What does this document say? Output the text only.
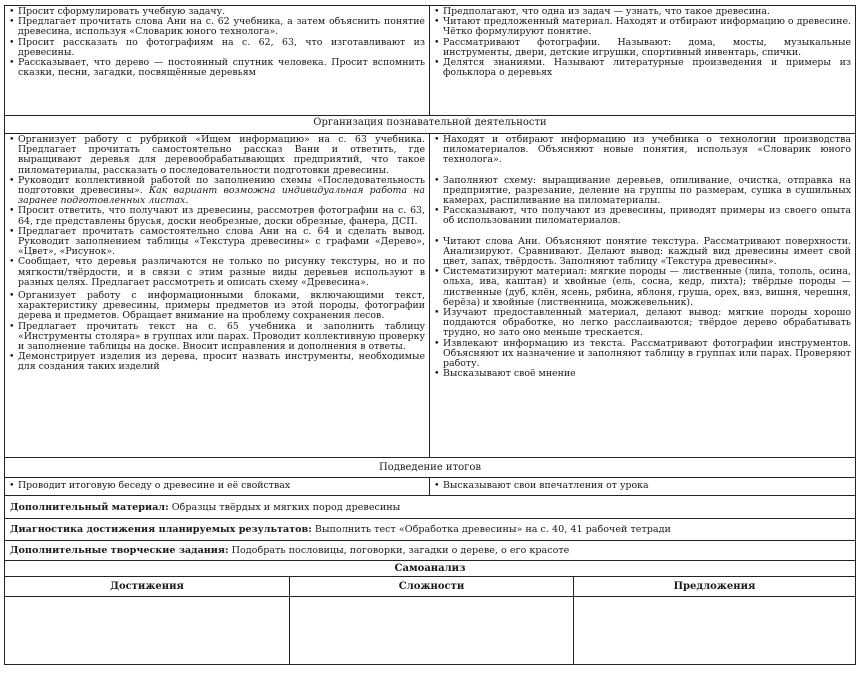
• Просит сформулировать учебную задачу.

• Предлагает прочитать слова Ани на с. 62 учебника, а затем объяснить понятие древесина, используя «Словарик юного технолога».

• Просит рассказать по фотографиям на с. 62, 63, что изготавливают из древесины.

• Рассказывает, что дерево — постоянный спутник человека. Просит вспомнить сказки, песни, загадки, посвящённые деревьям

• Предполагают, что одна из задач — узнать, что такое древесина.

• Читают предложенный материал. Находят и отбирают информацию о древесине. Чётко формулируют понятие.

• Рассматривают фотографии. Называют: дома, мосты, музыкальные инструменты, двери, детские игрушки, спортивный инвентарь, спички.

• Делятся знаниями. Называют литературные произведения и примеры из фольклора о деревьях

Организация познавательной деятельности

• Организует работу с рубрикой «Ищем информацию» на с. 63 учебника. Предлагает прочитать самостоятельно рассказ Вани и ответить, где выращивают деревья для деревообрабатывающих предприятий, что такое пиломатериалы, рассказать о последовательности подготовки древесины.

• Руководит коллективной работой по заполнению схемы «Последовательность подготовки древесины». Как вариант возможна индивидуальная работа на заранее подготовленных листах.

• Просит ответить, что получают из древесины, рассмотрев фотографии на с. 63, 64, где представлены брусья, доски необрезные, доски обрезные, фанера, ДСП.

• Предлагает прочитать самостоятельно слова Ани на с. 64 и сделать вывод. Руководит заполнением таблицы «Текстура древесины» с графами «Дерево», «Цвет», «Рисунок».

• Сообщает, что деревья различаются не только по рисунку текстуры, но и по мягкости/твёрдости, и в связи с этим разные виды деревьев используют в разных целях. Предлагает рассмотреть и описать схему «Древесина».

• Организует работу с информационными блоками, включающими текст, характеристику древесины, примеры предметов из этой породы, фотографии дерева и предметов. Обращает внимание на проблему сохранения лесов.

• Предлагает прочитать текст на с. 65 учебника и заполнить таблицу «Инструменты столяра» в группах или парах. Проводит коллективную проверку и заполнение таблицы на доске. Вносит исправления и дополнения в ответы.

• Демонстрирует изделия из дерева, просит назвать инструменты, необходимые для создания таких изделий

• Находят и отбирают информацию из учебника о технологии производства пиломатериалов. Объясняют новые понятия, используя «Словарик юного технолога».

• Заполняют схему: выращивание деревьев, опиливание, очистка, отправка на предприятие, разрезание, деление на группы по размерам, сушка в сушильных камерах, распиливание на пиломатериалы.

• Рассказывают, что получают из древесины, приводят примеры из своего опыта об использовании пиломатериалов.

• Читают слова Ани. Объясняют понятие текстура. Рассматривают поверхности. Анализируют. Сравнивают. Делают вывод: каждый вид древесины имеет свой цвет, запах, твёрдость. Заполняют таблицу «Текстура древесины».

• Систематизируют материал: мягкие породы — лиственные (липа, тополь, осина, ольха, ива, каштан) и хвойные (ель, сосна, кедр, пихта); твёрдые породы — лиственные (дуб, клён, ясень, рябина, яблоня, груша, орех, вяз, вишня, черешня, берёза) и хвойные (лиственница, можжевельник).

• Изучают предоставленный материал, делают вывод: мягкие породы хорошо поддаются обработке, но легко расслаиваются; твёрдое дерево обрабатывать трудно, но зато оно меньше трескается.

• Извлекают информацию из текста. Рассматривают фотографии инструментов. Объясняют их назначение и заполняют таблицу в группах или парах. Проверяют работу.

• Высказывают своё мнение

Подведение итогов

• Проводит итоговую беседу о древесине и её свойствах

•	Высказывают свои впечатления от урока

Дополнительный материал: Образцы твёрдых и мягких пород древесины
Диагностика достижения планируемых результатов: Выполнить тест «Обработка древесины» на с. 40, 41 рабочей тетради
Дополнительные творческие задания: Подобрать пословицы, поговорки, загадки о дереве, о его красоте
Самоанализ
Достижения	Сложности	Предложения
